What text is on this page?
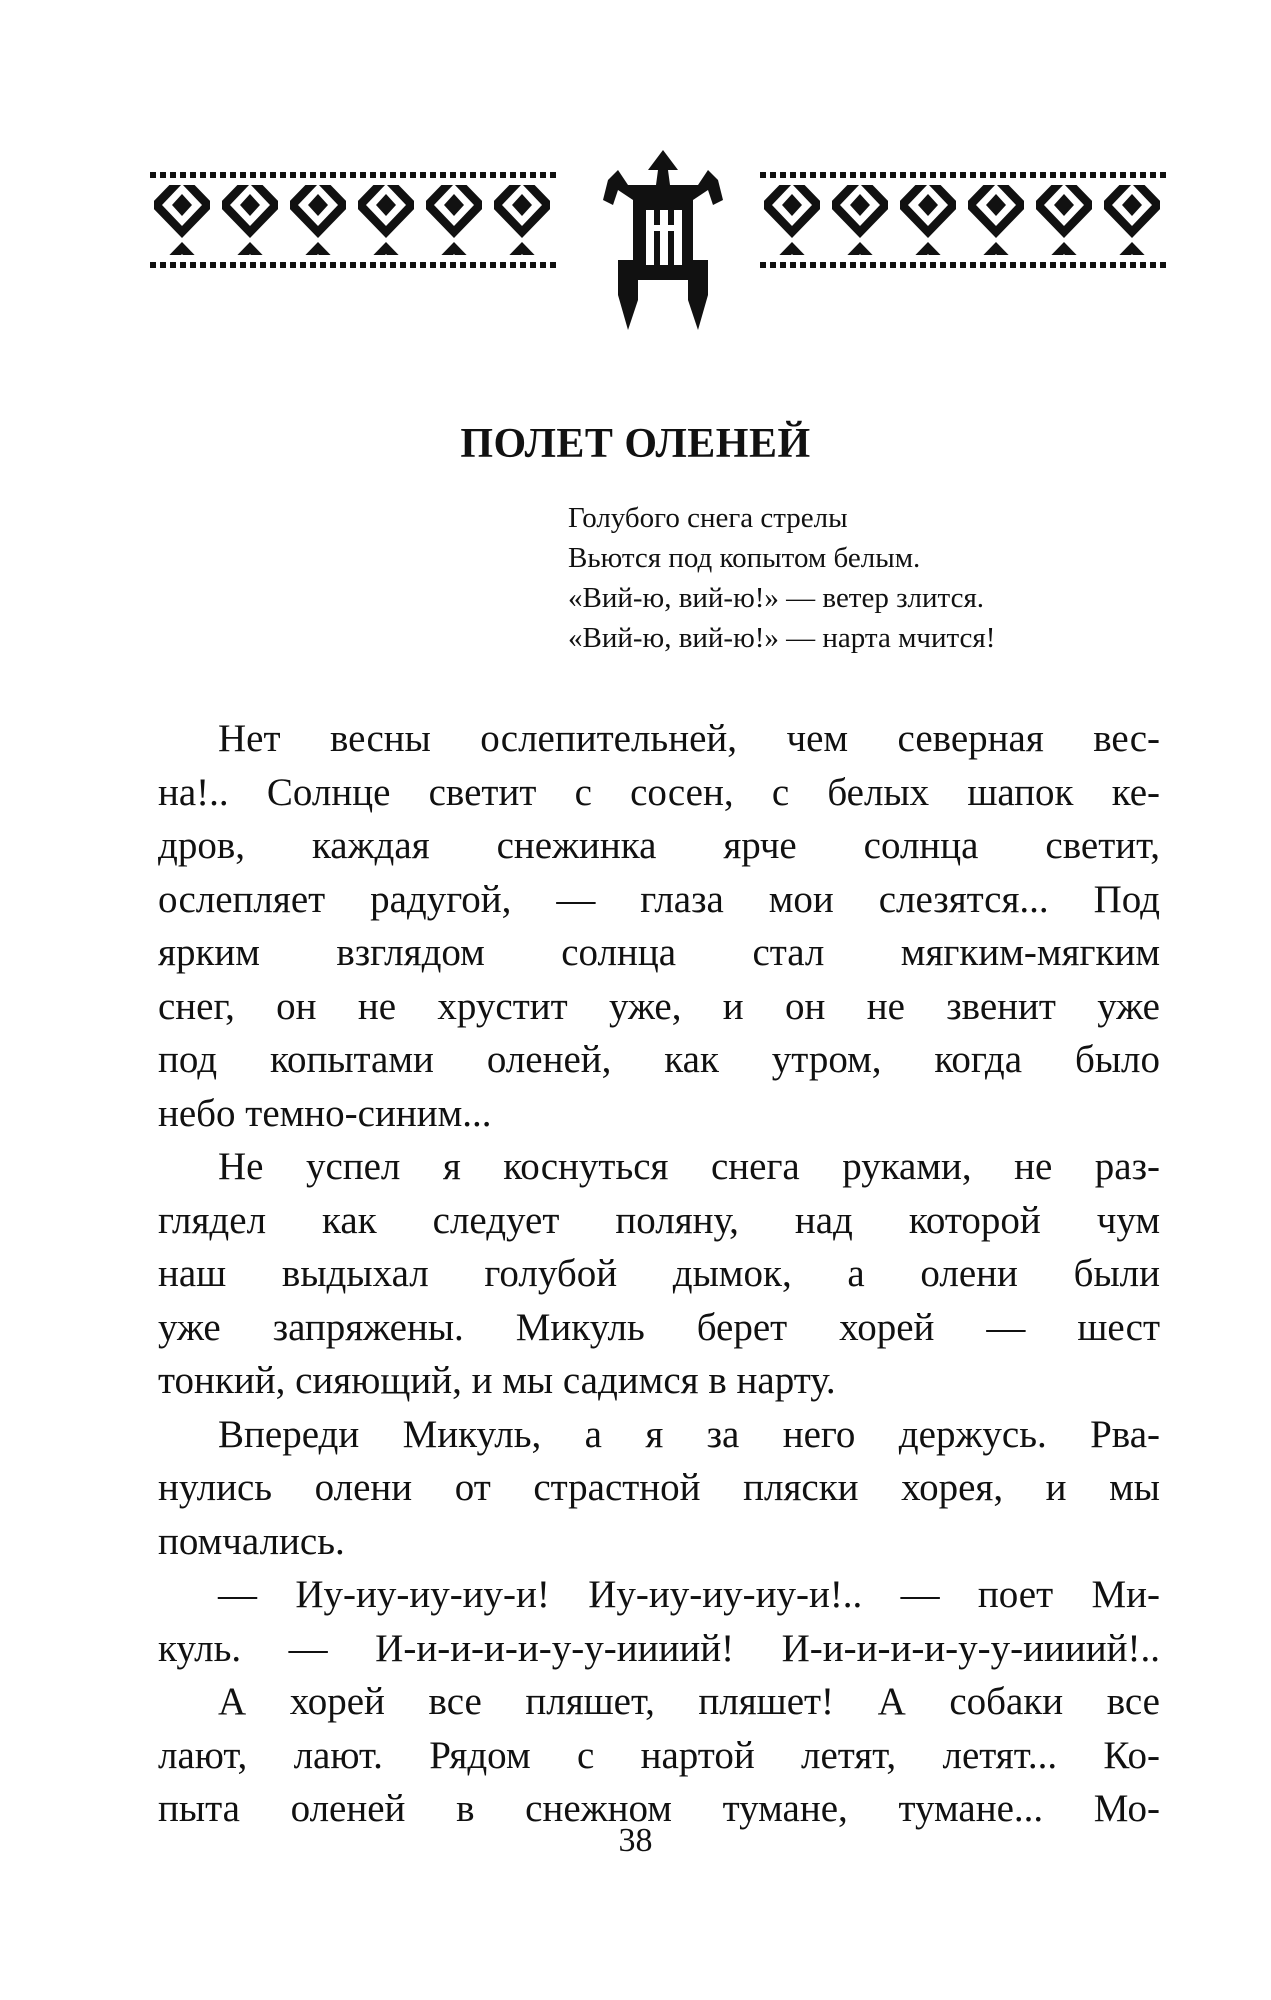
ПОЛЕТ ОЛЕНЕЙ
Голубого снега стрелы
Вьются под копытом белым.
«Вий-ю, вий-ю!» — ветер злится.
«Вий-ю, вий-ю!» — нарта мчится!
Нет весны ослепительней, чем северная вес-
на!.. Солнце светит с сосен, с белых шапок ке-
дров, каждая снежинка ярче солнца светит,
ослепляет радугой, — глаза мои слезятся... Под
ярким взглядом солнца стал мягким-мягким
снег, он не хрустит уже, и он не звенит уже
под копытами оленей, как утром, когда было
небо темно-синим...
Не успел я коснуться снега руками, не раз-
глядел как следует поляну, над которой чум
наш выдыхал голубой дымок, а олени были
уже запряжены. Микуль берет хорей — шест
тонкий, сияющий, и мы садимся в нарту.
Впереди Микуль, а я за него держусь. Рва-
нулись олени от страстной пляски хорея, и мы
помчались.
— Иу-иу-иу-иу-и! Иу-иу-иу-иу-и!.. — поет Ми-
куль. — И-и-и-и-и-у-у-иииий! И-и-и-и-и-у-у-иииий!..
А хорей все пляшет, пляшет! А собаки все
лают, лают. Рядом с нартой летят, летят... Ко-
пыта оленей в снежном тумане, тумане... Мо-
38
